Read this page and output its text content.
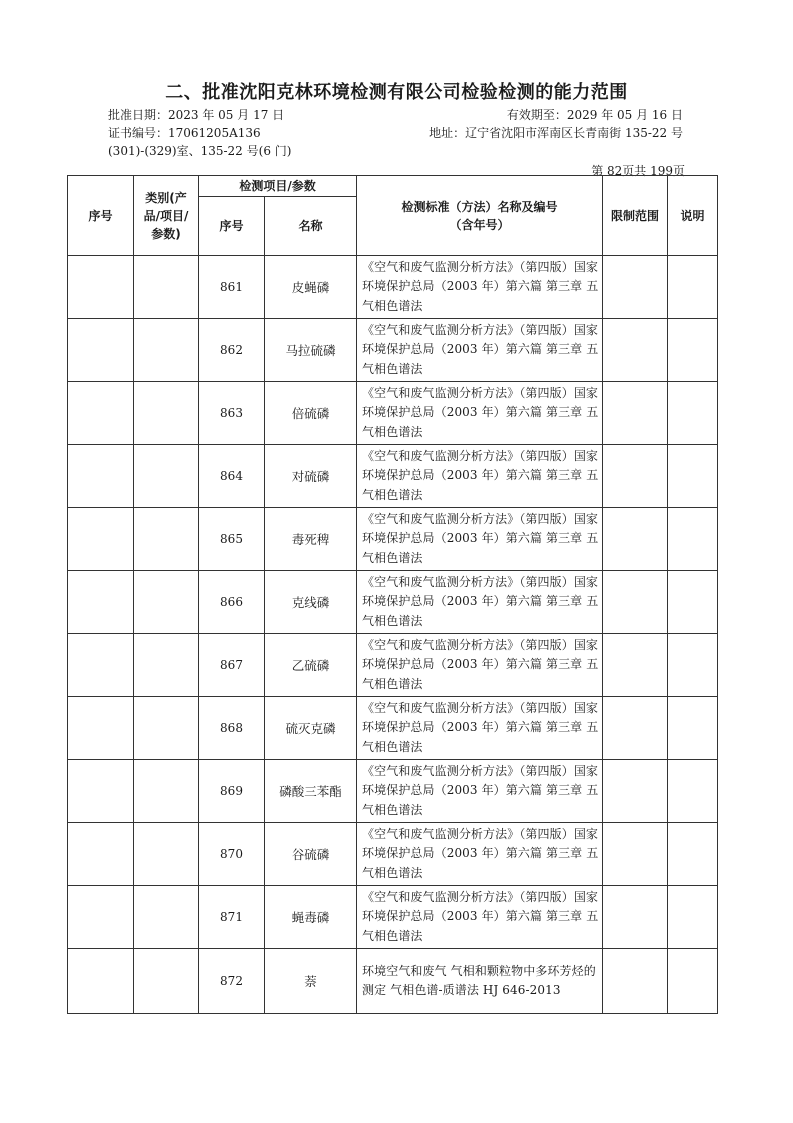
二、批准沈阳克林环境检测有限公司检验检测的能力范围
批准日期：2023 年 05 月 17 日	有效期至：2029 年 05 月 16 日
证书编号：17061205A136	地址：辽宁省沈阳市浑南区长青南街 135-22 号
(301)-(329)室、135-22 号(6 门)
第 82页共 199页
序号	类别(产品/项目/参数)	检测项目/参数		检测标准（方法）名称及编号（含年号）	限制范围	说明
		序号	名称			
		861	皮蝇磷	《空气和废气监测分析方法》（第四版）国家环境保护总局（2003 年）第六篇 第三章 五 气相色谱法		
		862	马拉硫磷	《空气和废气监测分析方法》（第四版）国家环境保护总局（2003 年）第六篇 第三章 五 气相色谱法		
		863	倍硫磷	《空气和废气监测分析方法》（第四版）国家环境保护总局（2003 年）第六篇 第三章 五 气相色谱法		
		864	对硫磷	《空气和废气监测分析方法》（第四版）国家环境保护总局（2003 年）第六篇 第三章 五 气相色谱法		
		865	毒死稗	《空气和废气监测分析方法》（第四版）国家环境保护总局（2003 年）第六篇 第三章 五 气相色谱法		
		866	克线磷	《空气和废气监测分析方法》（第四版）国家环境保护总局（2003 年）第六篇 第三章 五 气相色谱法		
		867	乙硫磷	《空气和废气监测分析方法》（第四版）国家环境保护总局（2003 年）第六篇 第三章 五 气相色谱法		
		868	硫灭克磷	《空气和废气监测分析方法》（第四版）国家环境保护总局（2003 年）第六篇 第三章 五 气相色谱法		
		869	磷酸三苯酯	《空气和废气监测分析方法》（第四版）国家环境保护总局（2003 年）第六篇 第三章 五 气相色谱法		
		870	谷硫磷	《空气和废气监测分析方法》（第四版）国家环境保护总局（2003 年）第六篇 第三章 五 气相色谱法		
		871	蝇毒磷	《空气和废气监测分析方法》（第四版）国家环境保护总局（2003 年）第六篇 第三章 五 气相色谱法		
		872	萘	环境空气和废气 气相和颗粒物中多环芳烃的测定 气相色谱-质谱法 HJ 646-2013		
